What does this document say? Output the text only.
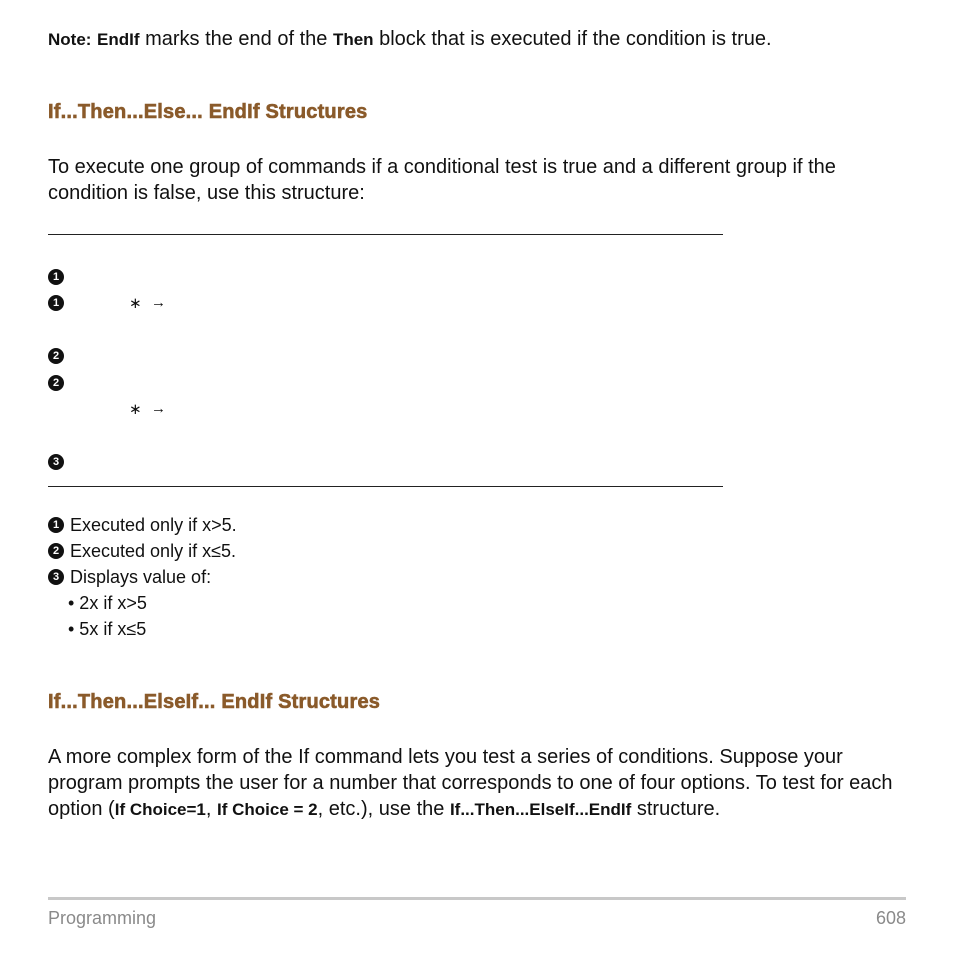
Note: EndIf marks the end of the Then block that is executed if the condition is true.
If...Then...Else... EndIf Structures
To execute one group of commands if a conditional test is true and a different group if the condition is false, use this structure:
1
1	∗ →
2
2
∗ →
3
1 Executed only if x>5.
2 Executed only if x≤5.
3 Displays value of:
• 2x if x>5
• 5x if x≤5
If...Then...ElseIf... EndIf Structures
A more complex form of the If command lets you test a series of conditions. Suppose your program prompts the user for a number that corresponds to one of four options. To test for each option (If Choice=1, If Choice = 2, etc.), use the If...Then...ElseIf...EndIf structure.
Programming	608
